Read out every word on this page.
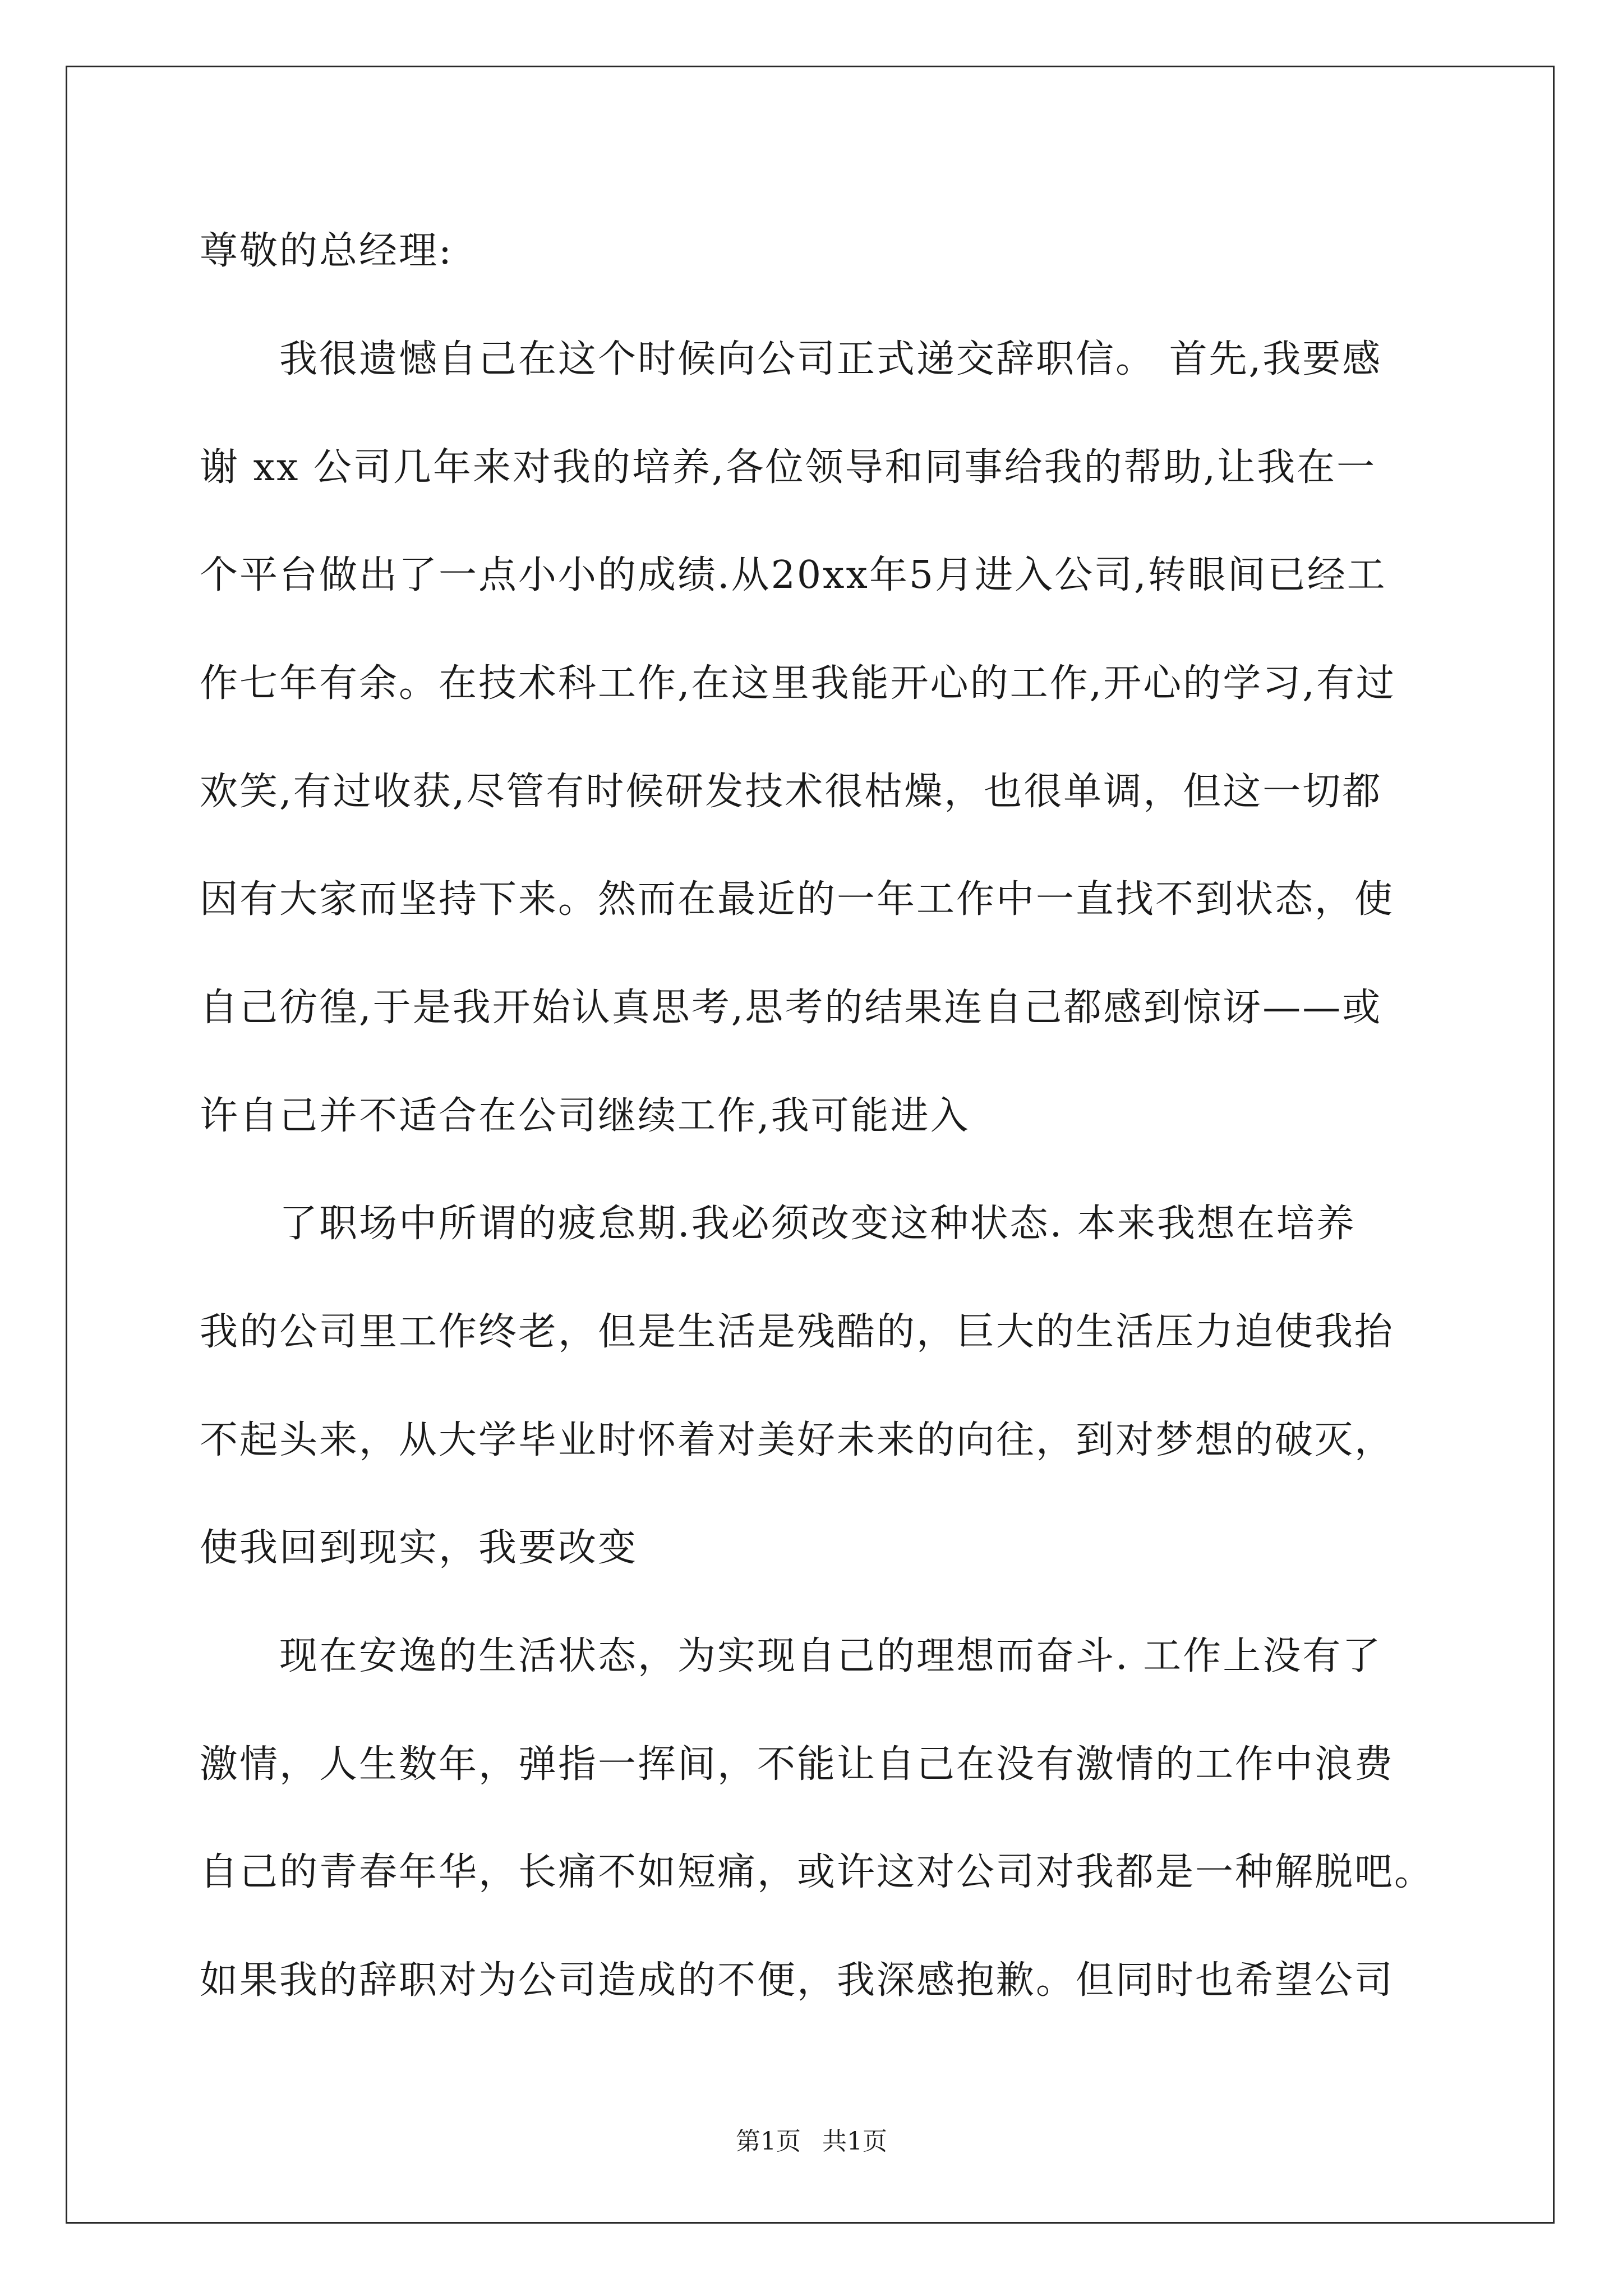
尊敬的总经理:
　　我很遗憾自己在这个时候向公司正式递交辞职信。 首先,我要感
谢 xx 公司几年来对我的培养,各位领导和同事给我的帮助,让我在一
个平台做出了一点小小的成绩.从20xx年5月进入公司,转眼间已经工
作七年有余。在技术科工作,在这里我能开心的工作,开心的学习,有过
欢笑,有过收获,尽管有时候研发技术很枯燥，也很单调，但这一切都
因有大家而坚持下来。然而在最近的一年工作中一直找不到状态，使
自己彷徨,于是我开始认真思考,思考的结果连自己都感到惊讶——或
许自己并不适合在公司继续工作,我可能进入
　　了职场中所谓的疲怠期.我必须改变这种状态. 本来我想在培养
我的公司里工作终老，但是生活是残酷的，巨大的生活压力迫使我抬
不起头来，从大学毕业时怀着对美好未来的向往，到对梦想的破灭，
使我回到现实，我要改变
　　现在安逸的生活状态，为实现自己的理想而奋斗. 工作上没有了
激情，人生数年，弹指一挥间，不能让自己在没有激情的工作中浪费
自己的青春年华，长痛不如短痛，或许这对公司对我都是一种解脱吧。
如果我的辞职对为公司造成的不便，我深感抱歉。但同时也希望公司
第1页 共1页
